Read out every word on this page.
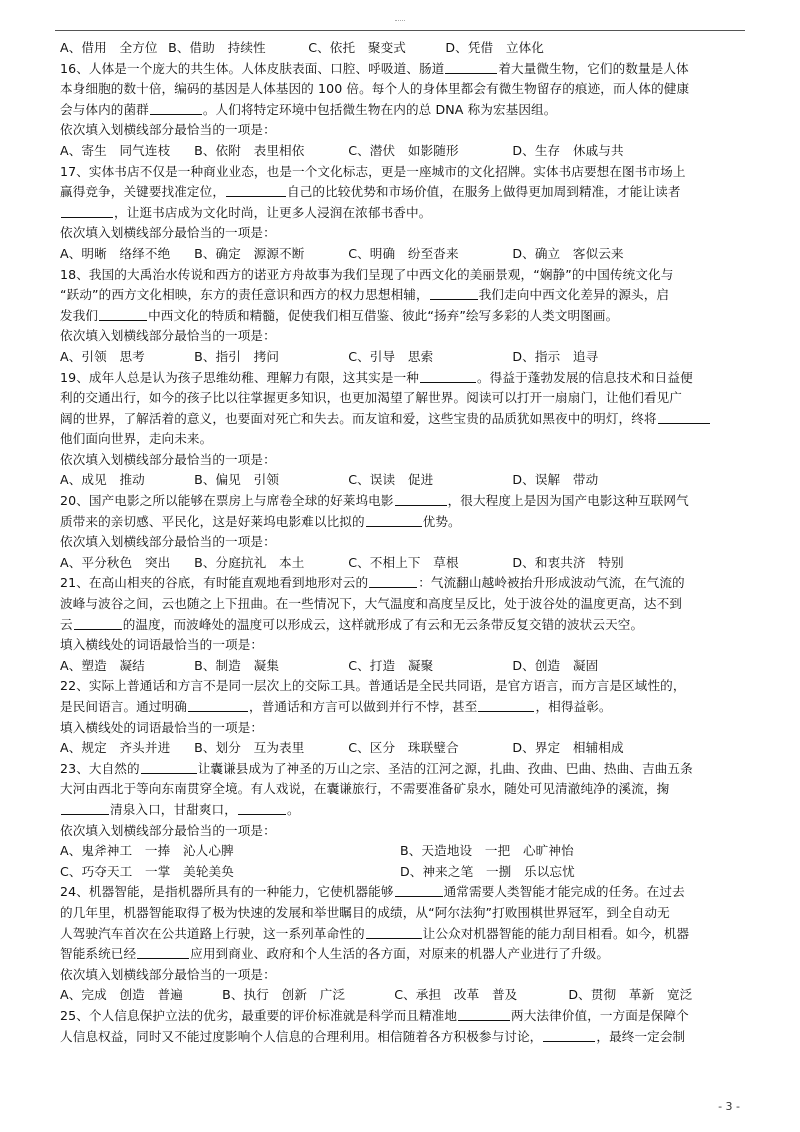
A、借用　全方位 B、借助　持续性	C、依托　聚变式	D、凭借　立体化
16、人体是一个庞大的共生体。人体皮肤表面、口腔、呼吸道、肠道	着大量微生物，它们的数量是人体
本身细胞的数十倍，编码的基因是人体基因的 100 倍。每个人的身体里都会有微生物留存的痕迹，而人体的健康
会与体内的菌群	。人们将特定环境中包括微生物在内的总 DNA 称为宏基因组。
依次填入划横线部分最恰当的一项是：
A、寄生　同气连枝 B、依附　表里相依	C、潜伏　如影随形	D、生存　休戚与共
17、实体书店不仅是一种商业业态，也是一个文化标志，更是一座城市的文化招牌。实体书店要想在图书市场上
赢得竞争，关键要找准定位，	自己的比较优势和市场价值，在服务上做得更加周到精准，才能让读者
，让逛书店成为文化时尚，让更多人浸润在浓郁书香中。
依次填入划横线部分最恰当的一项是：
A、明晰　络绎不绝 B、确定　源源不断	C、明确　纷至沓来	D、确立　客似云来
18、我国的大禹治水传说和西方的诺亚方舟故事为我们呈现了中西文化的美丽景观，“娴静”的中国传统文化与
“跃动”的西方文化相映，东方的责任意识和西方的权力思想相辅，	我们走向中西文化差异的源头，启
发我们	中西文化的特质和精髓，促使我们相互借鉴、彼此“扬弃”绘写多彩的人类文明图画。
依次填入划横线部分最恰当的一项是：
A、引领　思考	B、指引　拷问	C、引导　思索	D、指示　追寻
19、成年人总是认为孩子思维幼稚、理解力有限，这其实是一种	。得益于蓬勃发展的信息技术和日益便
利的交通出行，如今的孩子比以往掌握更多知识，也更加渴望了解世界。阅读可以打开一扇扇门，让他们看见广
阔的世界，了解活着的意义，也要面对死亡和失去。而友谊和爱，这些宝贵的品质犹如黑夜中的明灯，终将
他们面向世界，走向未来。
依次填入划横线部分最恰当的一项是：
A、成见　推动	B、偏见　引领	C、误读　促进	D、误解　带动
20、国产电影之所以能够在票房上与席卷全球的好莱坞电影	，很大程度上是因为国产电影这种互联网气
质带来的亲切感、平民化，这是好莱坞电影难以比拟的	优势。
依次填入划横线部分最恰当的一项是：
A、平分秋色　突出 B、分庭抗礼　本土	C、不相上下　草根	D、和衷共济　特别
21、在高山相夹的谷底，有时能直观地看到地形对云的	：气流翻山越岭被抬升形成波动气流，在气流的
波峰与波谷之间，云也随之上下扭曲。在一些情况下，大气温度和高度呈反比，处于波谷处的温度更高，达不到
云	的温度，而波峰处的温度可以形成云，这样就形成了有云和无云条带反复交错的波状云天空。
填入横线处的词语最恰当的一项是：
A、塑造　凝结	B、制造　凝集	C、打造　凝聚	D、创造　凝固
22、实际上普通话和方言不是同一层次上的交际工具。普通话是全民共同语，是官方语言，而方言是区域性的，
是民间语言。通过明确	，普通话和方言可以做到并行不悖，甚至	，相得益彰。
填入横线处的词语最恰当的一项是：
A、规定　齐头并进 B、划分　互为表里	C、区分　珠联璧合	D、界定　相辅相成
23、大自然的	让囊谦县成为了神圣的万山之宗、圣洁的江河之源，扎曲、孜曲、巴曲、热曲、吉曲五条
大河由西北于等向东南贯穿全境。有人戏说，在囊谦旅行，不需要准备矿泉水，随处可见清澈纯净的溪流，掬
清泉入口，甘甜爽口，	。
依次填入划横线部分最恰当的一项是：
A、鬼斧神工　一捧　沁人心脾	B、天造地设　一把　心旷神怡
C、巧夺天工　一掌　美轮美奂	D、神来之笔　一捌　乐以忘忧
24、机器智能，是指机器所具有的一种能力，它使机器能够	通常需要人类智能才能完成的任务。在过去
的几年里，机器智能取得了极为快速的发展和举世瞩目的成绩，从“阿尔法狗”打败围棋世界冠军，到全自动无
人驾驶汽车首次在公共道路上行驶，这一系列革命性的	让公众对机器智能的能力刮目相看。如今，机器
智能系统已经	应用到商业、政府和个人生活的各方面，对原来的机器人产业进行了升级。
依次填入划横线部分最恰当的一项是：
A、完成　创造　普遍	B、执行　创新　广泛	C、承担　改革　普及	D、贯彻　革新　宽泛
25、个人信息保护立法的优劣，最重要的评价标准就是科学而且精准地	两大法律价值，一方面是保障个
人信息权益，同时又不能过度影响个人信息的合理利用。相信随着各方积极参与讨论，	，最终一定会制
- 3 -
